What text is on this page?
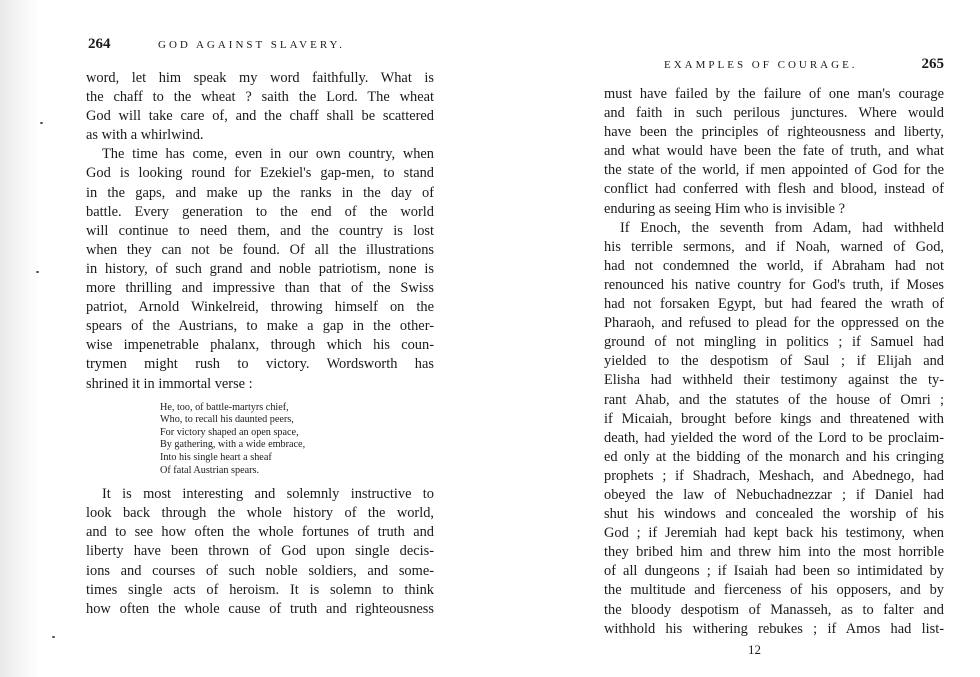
264	GOD AGAINST SLAVERY.
word, let him speak my word faithfully. What is
the chaff to the wheat ? saith the Lord. The wheat
God will take care of, and the chaff shall be scattered
as with a whirlwind.
The time has come, even in our own country, when
God is looking round for Ezekiel's gap-men, to stand
in the gaps, and make up the ranks in the day of
battle. Every generation to the end of the world
will continue to need them, and the country is lost
when they can not be found. Of all the illustrations
in history, of such grand and noble patriotism, none is
more thrilling and impressive than that of the Swiss
patriot, Arnold Winkelreid, throwing himself on the
spears of the Austrians, to make a gap in the other-
wise impenetrable phalanx, through which his coun-
trymen might rush to victory. Wordsworth has
shrined it in immortal verse :
He, too, of battle-martyrs chief,
Who, to recall his daunted peers,
For victory shaped an open space,
By gathering, with a wide embrace,
Into his single heart a sheaf
Of fatal Austrian spears.
It is most interesting and solemnly instructive to
look back through the whole history of the world,
and to see how often the whole fortunes of truth and
liberty have been thrown of God upon single decis-
ions and courses of such noble soldiers, and some-
times single acts of heroism. It is solemn to think
how often the whole cause of truth and righteousness
EXAMPLES OF COURAGE.	265
must have failed by the failure of one man's courage
and faith in such perilous junctures. Where would
have been the principles of righteousness and liberty,
and what would have been the fate of truth, and what
the state of the world, if men appointed of God for the
conflict had conferred with flesh and blood, instead of
enduring as seeing Him who is invisible ?
If Enoch, the seventh from Adam, had withheld
his terrible sermons, and if Noah, warned of God,
had not condemned the world, if Abraham had not
renounced his native country for God's truth, if Moses
had not forsaken Egypt, but had feared the wrath of
Pharaoh, and refused to plead for the oppressed on the
ground of not mingling in politics ; if Samuel had
yielded to the despotism of Saul ; if Elijah and
Elisha had withheld their testimony against the ty-
rant Ahab, and the statutes of the house of Omri ;
if Micaiah, brought before kings and threatened with
death, had yielded the word of the Lord to be proclaim-
ed only at the bidding of the monarch and his cringing
prophets ; if Shadrach, Meshach, and Abednego, had
obeyed the law of Nebuchadnezzar ; if Daniel had
shut his windows and concealed the worship of his
God ; if Jeremiah had kept back his testimony, when
they bribed him and threw him into the most horrible
of all dungeons ; if Isaiah had been so intimidated by
the multitude and fierceness of his opposers, and by
the bloody despotism of Manasseh, as to falter and
withhold his withering rebukes ; if Amos had list-
12
